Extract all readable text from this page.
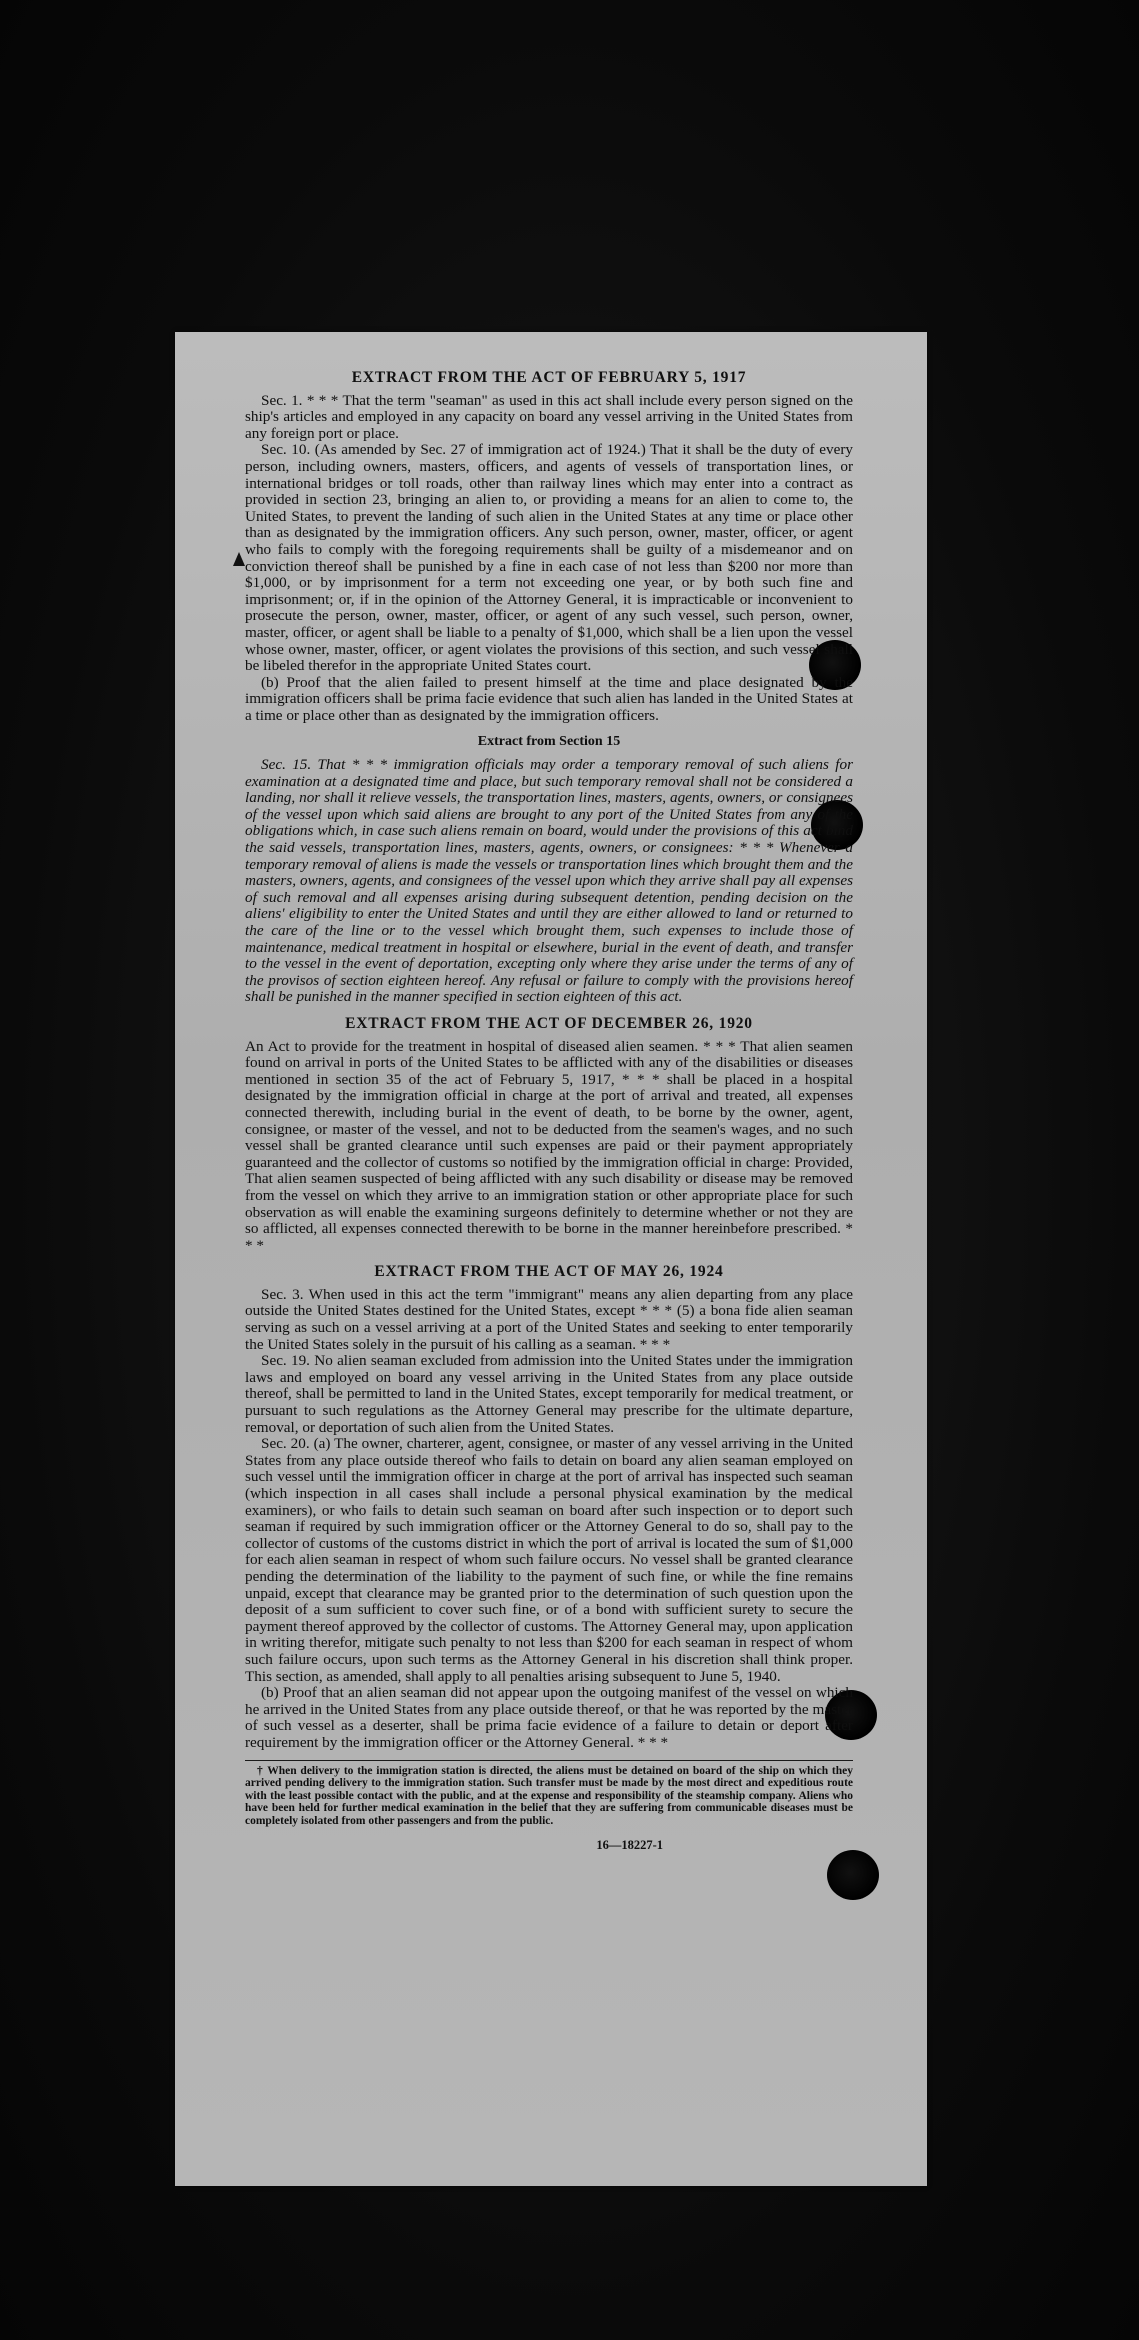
EXTRACT FROM THE ACT OF FEBRUARY 5, 1917

Sec. 1. * * * That the term "seaman" as used in this act shall include every person signed on the ship's articles and employed in any capacity on board any vessel arriving in the United States from any foreign port or place.

Sec. 10. (As amended by Sec. 27 of immigration act of 1924.) That it shall be the duty of every person, including owners, masters, officers, and agents of vessels of transportation lines, or international bridges or toll roads, other than railway lines which may enter into a contract as provided in section 23, bringing an alien to, or providing a means for an alien to come to, the United States, to prevent the landing of such alien in the United States at any time or place other than as designated by the immigration officers. Any such person, owner, master, officer, or agent who fails to comply with the foregoing requirements shall be guilty of a misdemeanor and on conviction thereof shall be punished by a fine in each case of not less than $200 nor more than $1,000, or by imprisonment for a term not exceeding one year, or by both such fine and imprisonment; or, if in the opinion of the Attorney General, it is impracticable or inconvenient to prosecute the person, owner, master, officer, or agent of any such vessel, such person, owner, master, officer, or agent shall be liable to a penalty of $1,000, which shall be a lien upon the vessel whose owner, master, officer, or agent violates the provisions of this section, and such vessel shall be libeled therefor in the appropriate United States court.

(b) Proof that the alien failed to present himself at the time and place designated by the immigration officers shall be prima facie evidence that such alien has landed in the United States at a time or place other than as designated by the immigration officers.

Extract from Section 15

Sec. 15. That * * * immigration officials may order a temporary removal of such aliens for examination at a designated time and place, but such temporary removal shall not be considered a landing, nor shall it relieve vessels, the transportation lines, masters, agents, owners, or consignees of the vessel upon which said aliens are brought to any port of the United States from any of the obligations which, in case such aliens remain on board, would under the provisions of this act bind the said vessels, transportation lines, masters, agents, owners, or consignees: * * * Whenever a temporary removal of aliens is made the vessels or transportation lines which brought them and the masters, owners, agents, and consignees of the vessel upon which they arrive shall pay all expenses of such removal and all expenses arising during subsequent detention, pending decision on the aliens' eligibility to enter the United States and until they are either allowed to land or returned to the care of the line or to the vessel which brought them, such expenses to include those of maintenance, medical treatment in hospital or elsewhere, burial in the event of death, and transfer to the vessel in the event of deportation, excepting only where they arise under the terms of any of the provisos of section eighteen hereof. Any refusal or failure to comply with the provisions hereof shall be punished in the manner specified in section eighteen of this act.

EXTRACT FROM THE ACT OF DECEMBER 26, 1920

An Act to provide for the treatment in hospital of diseased alien seamen. * * * That alien seamen found on arrival in ports of the United States to be afflicted with any of the disabilities or diseases mentioned in section 35 of the act of February 5, 1917, * * * shall be placed in a hospital designated by the immigration official in charge at the port of arrival and treated, all expenses connected therewith, including burial in the event of death, to be borne by the owner, agent, consignee, or master of the vessel, and not to be deducted from the seamen's wages, and no such vessel shall be granted clearance until such expenses are paid or their payment appropriately guaranteed and the collector of customs so notified by the immigration official in charge: Provided, That alien seamen suspected of being afflicted with any such disability or disease may be removed from the vessel on which they arrive to an immigration station or other appropriate place for such observation as will enable the examining surgeons definitely to determine whether or not they are so afflicted, all expenses connected therewith to be borne in the manner hereinbefore prescribed. * * *

EXTRACT FROM THE ACT OF MAY 26, 1924

Sec. 3. When used in this act the term "immigrant" means any alien departing from any place outside the United States destined for the United States, except * * * (5) a bona fide alien seaman serving as such on a vessel arriving at a port of the United States and seeking to enter temporarily the United States solely in the pursuit of his calling as a seaman. * * *

Sec. 19. No alien seaman excluded from admission into the United States under the immigration laws and employed on board any vessel arriving in the United States from any place outside thereof, shall be permitted to land in the United States, except temporarily for medical treatment, or pursuant to such regulations as the Attorney General may prescribe for the ultimate departure, removal, or deportation of such alien from the United States.

Sec. 20. (a) The owner, charterer, agent, consignee, or master of any vessel arriving in the United States from any place outside thereof who fails to detain on board any alien seaman employed on such vessel until the immigration officer in charge at the port of arrival has inspected such seaman (which inspection in all cases shall include a personal physical examination by the medical examiners), or who fails to detain such seaman on board after such inspection or to deport such seaman if required by such immigration officer or the Attorney General to do so, shall pay to the collector of customs of the customs district in which the port of arrival is located the sum of $1,000 for each alien seaman in respect of whom such failure occurs. No vessel shall be granted clearance pending the determination of the liability to the payment of such fine, or while the fine remains unpaid, except that clearance may be granted prior to the determination of such question upon the deposit of a sum sufficient to cover such fine, or of a bond with sufficient surety to secure the payment thereof approved by the collector of customs. The Attorney General may, upon application in writing therefor, mitigate such penalty to not less than $200 for each seaman in respect of whom such failure occurs, upon such terms as the Attorney General in his discretion shall think proper. This section, as amended, shall apply to all penalties arising subsequent to June 5, 1940.

(b) Proof that an alien seaman did not appear upon the outgoing manifest of the vessel on which he arrived in the United States from any place outside thereof, or that he was reported by the master of such vessel as a deserter, shall be prima facie evidence of a failure to detain or deport after requirement by the immigration officer or the Attorney General. * * *

† When delivery to the immigration station is directed, the aliens must be detained on board of the ship on which they arrived pending delivery to the immigration station. Such transfer must be made by the most direct and expeditious route with the least possible contact with the public, and at the expense and responsibility of the steamship company. Aliens who have been held for further medical examination in the belief that they are suffering from communicable diseases must be completely isolated from other passengers and from the public.

16—18227-1
